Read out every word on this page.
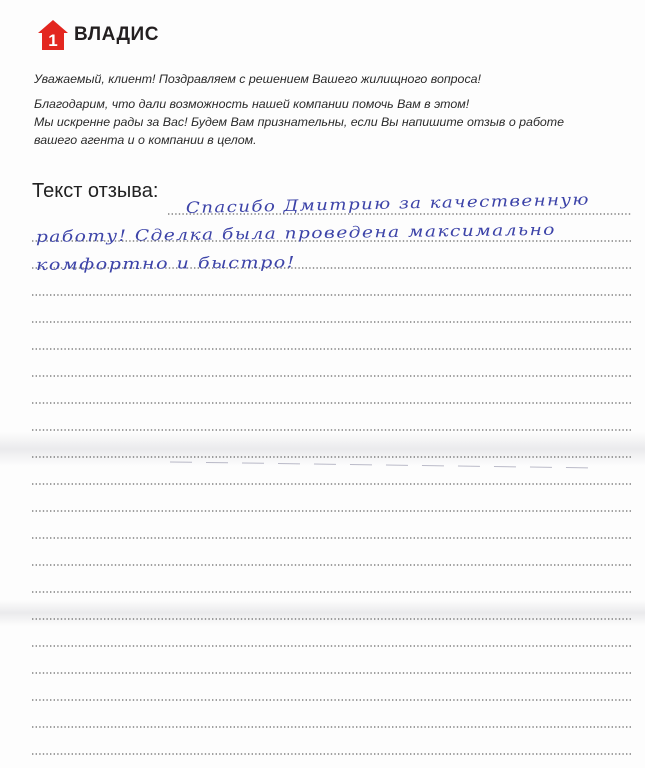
1 ВЛАДИС

Уважаемый, клиент! Поздравляем с решением Вашего жилищного вопроса!

Благодарим, что дали возможность нашей компании помочь Вам в этом!
Мы искренне рады за Вас! Будем Вам признательны, если Вы напишите отзыв о работе
вашего агента и о компании в целом.

Текст отзыва:
Спасибо Дмитрию за качественную
работу! Сделка была проведена максимально
комфортно и быстро!
